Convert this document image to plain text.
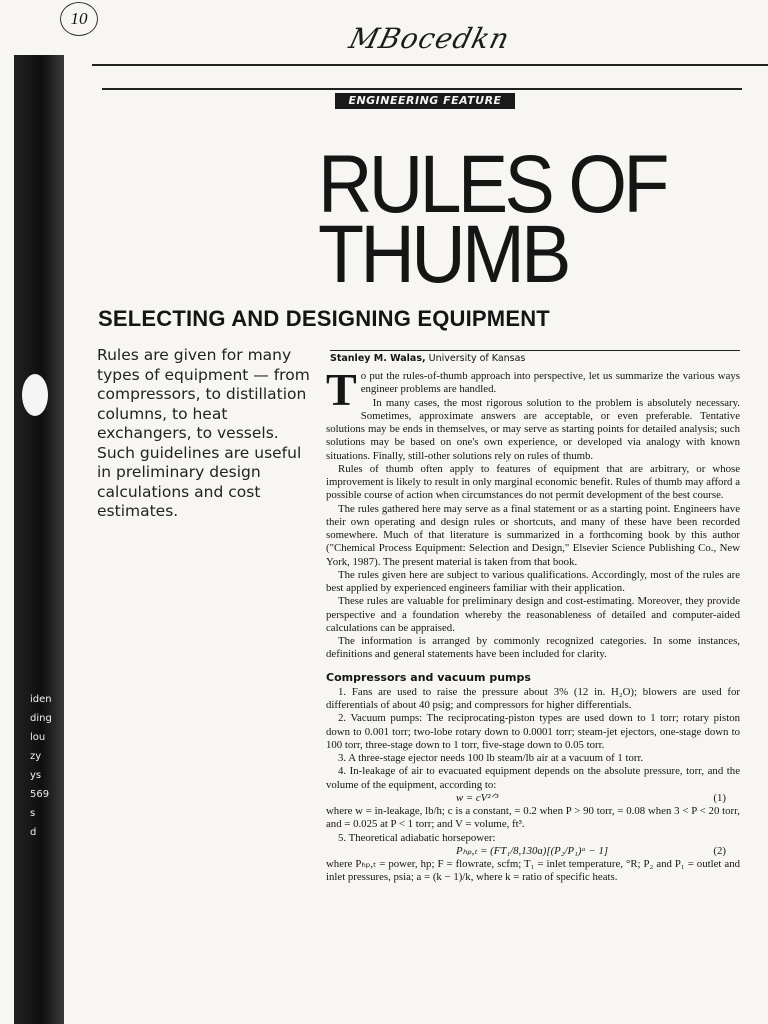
iden
ding
lou
zy
ys
569
s
d
10
MBocedkn
ENGINEERING FEATURE
RULES OF
THUMB
SELECTING AND DESIGNING EQUIPMENT

Rules are given for many types of equipment — from compressors, to distillation columns, to heat exchangers, to vessels. Such guidelines are useful in preliminary design calculations and cost estimates.

Stanley M. Walas, University of Kansas

To put the rules-of-thumb approach into perspective, let us summarize the various ways engineer problems are handled.

In many cases, the most rigorous solution to the problem is absolutely necessary. Sometimes, approximate answers are acceptable, or even preferable. Tentative solutions may be ends in themselves, or may serve as starting points for detailed analysis; such solutions may be based on one's own experience, or developed via analogy with known situations. Finally, still-other solutions rely on rules of thumb.

Rules of thumb often apply to features of equipment that are arbitrary, or whose improvement is likely to result in only marginal economic benefit. Rules of thumb may afford a possible course of action when circumstances do not permit development of the best course.

The rules gathered here may serve as a final statement or as a starting point. Engineers have their own operating and design rules or shortcuts, and many of these have been recorded somewhere. Much of that literature is summarized in a forthcoming book by this author ("Chemical Process Equipment: Selection and Design," Elsevier Science Publishing Co., New York, 1987). The present material is taken from that book.

The rules given here are subject to various qualifications. Accordingly, most of the rules are best applied by experienced engineers familiar with their application.

These rules are valuable for preliminary design and cost-estimating. Moreover, they provide perspective and a foundation whereby the reasonableness of detailed and computer-aided calculations can be appraised.

The information is arranged by commonly recognized categories. In some instances, definitions and general statements have been included for clarity.

Compressors and vacuum pumps

1. Fans are used to raise the pressure about 3% (12 in. H₂O); blowers are used for differentials of about 40 psig; and compressors for higher differentials.

2. Vacuum pumps: The reciprocating-piston types are used down to 1 torr; rotary piston down to 0.001 torr; two-lobe rotary down to 0.0001 torr; steam-jet ejectors, one-stage down to 100 torr, three-stage down to 1 torr, five-stage down to 0.05 torr.

3. A three-stage ejector needs 100 lb steam/lb air at a vacuum of 1 torr.

4. In-leakage of air to evacuated equipment depends on the absolute pressure, torr, and the volume of the equipment, according to:

w = cV²ᐟ³	(1)

where w = in-leakage, lb/h; c is a constant, = 0.2 when P > 90 torr, = 0.08 when 3 < P < 20 torr, and = 0.025 at P < 1 torr; and V = volume, ft³.

5. Theoretical adiabatic horsepower:

Pₕₚ,ₜ = (FT₁/8,130a)[(P₂/P₁)ᵃ − 1]	(2)

where Pₕₚ,ₜ = power, hp; F = flowrate, scfm; T₁ = inlet temperature, °R; P₂ and P₁ = outlet and inlet pressures, psia; a = (k − 1)/k, where k = ratio of specific heats.
